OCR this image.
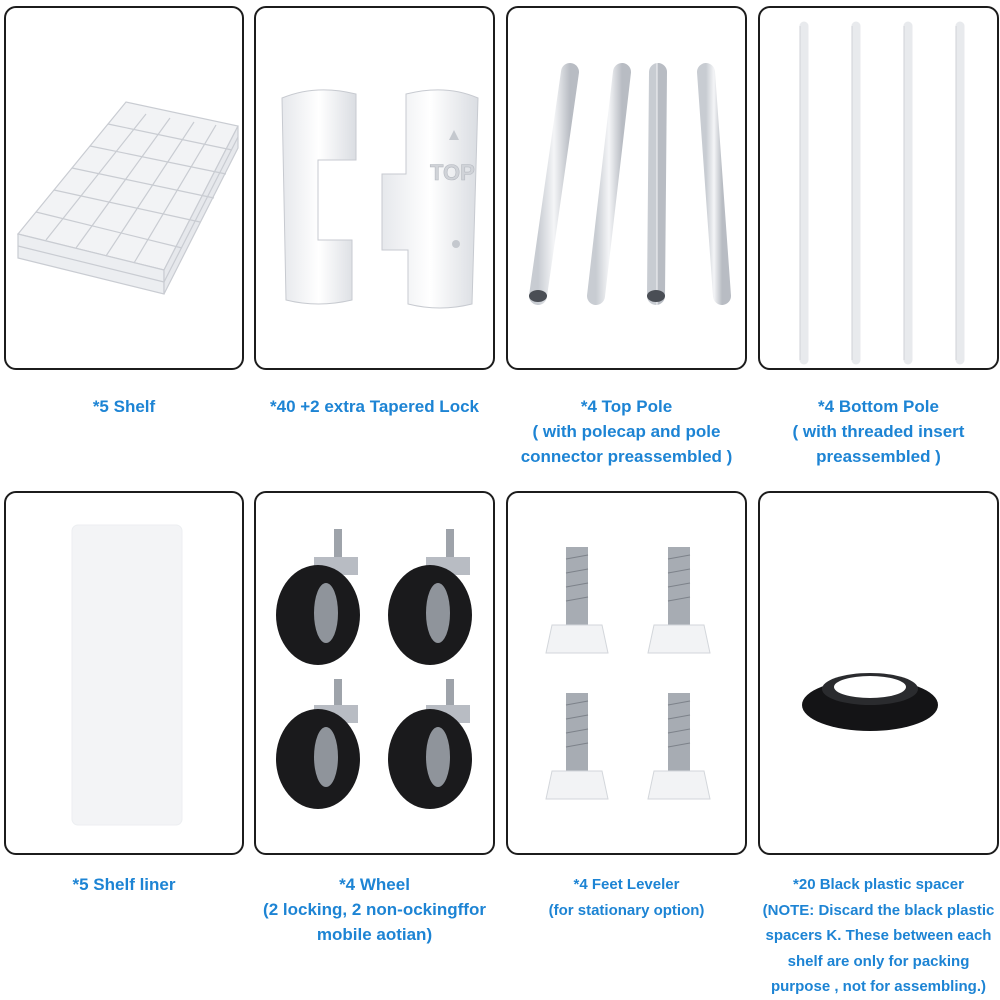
TOP
*5 Shelf	*40 +2 extra Tapered Lock	*4 Top Pole
( with polecap and pole
connector preassembled )
*4 Bottom Pole
( with threaded insert
preassembled )
*5 Shelf liner	*4 Wheel
(2 locking, 2 non-ockingffor
mobile aotian)
*4 Feet Leveler
(for stationary option)
*20 Black plastic spacer
(NOTE: Discard the black plastic
spacers K. These between each
shelf are only for packing
purpose , not for assembling.)
